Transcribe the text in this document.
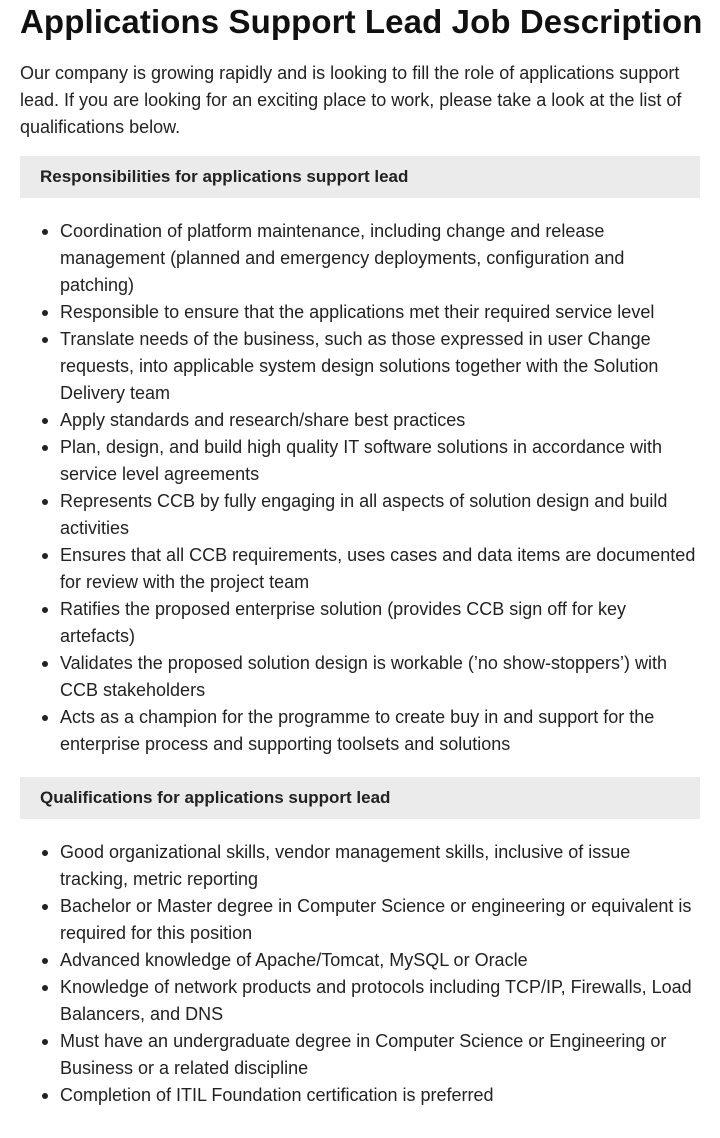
Applications Support Lead Job Description

Our company is growing rapidly and is looking to fill the role of applications support lead. If you are looking for an exciting place to work, please take a look at the list of qualifications below.

Responsibilities for applications support lead
Coordination of platform maintenance, including change and release management (planned and emergency deployments, configuration and patching)
Responsible to ensure that the applications met their required service level
Translate needs of the business, such as those expressed in user Change requests, into applicable system design solutions together with the Solution Delivery team
Apply standards and research/share best practices
Plan, design, and build high quality IT software solutions in accordance with service level agreements
Represents CCB by fully engaging in all aspects of solution design and build activities
Ensures that all CCB requirements, uses cases and data items are documented for review with the project team
Ratifies the proposed enterprise solution (provides CCB sign off for key artefacts)
Validates the proposed solution design is workable (’no show-stoppers’) with CCB stakeholders
Acts as a champion for the programme to create buy in and support for the enterprise process and supporting toolsets and solutions
Qualifications for applications support lead
Good organizational skills, vendor management skills, inclusive of issue tracking, metric reporting
Bachelor or Master degree in Computer Science or engineering or equivalent is required for this position
Advanced knowledge of Apache/Tomcat, MySQL or Oracle
Knowledge of network products and protocols including TCP/IP, Firewalls, Load Balancers, and DNS
Must have an undergraduate degree in Computer Science or Engineering or Business or a related discipline
Completion of ITIL Foundation certification is preferred
